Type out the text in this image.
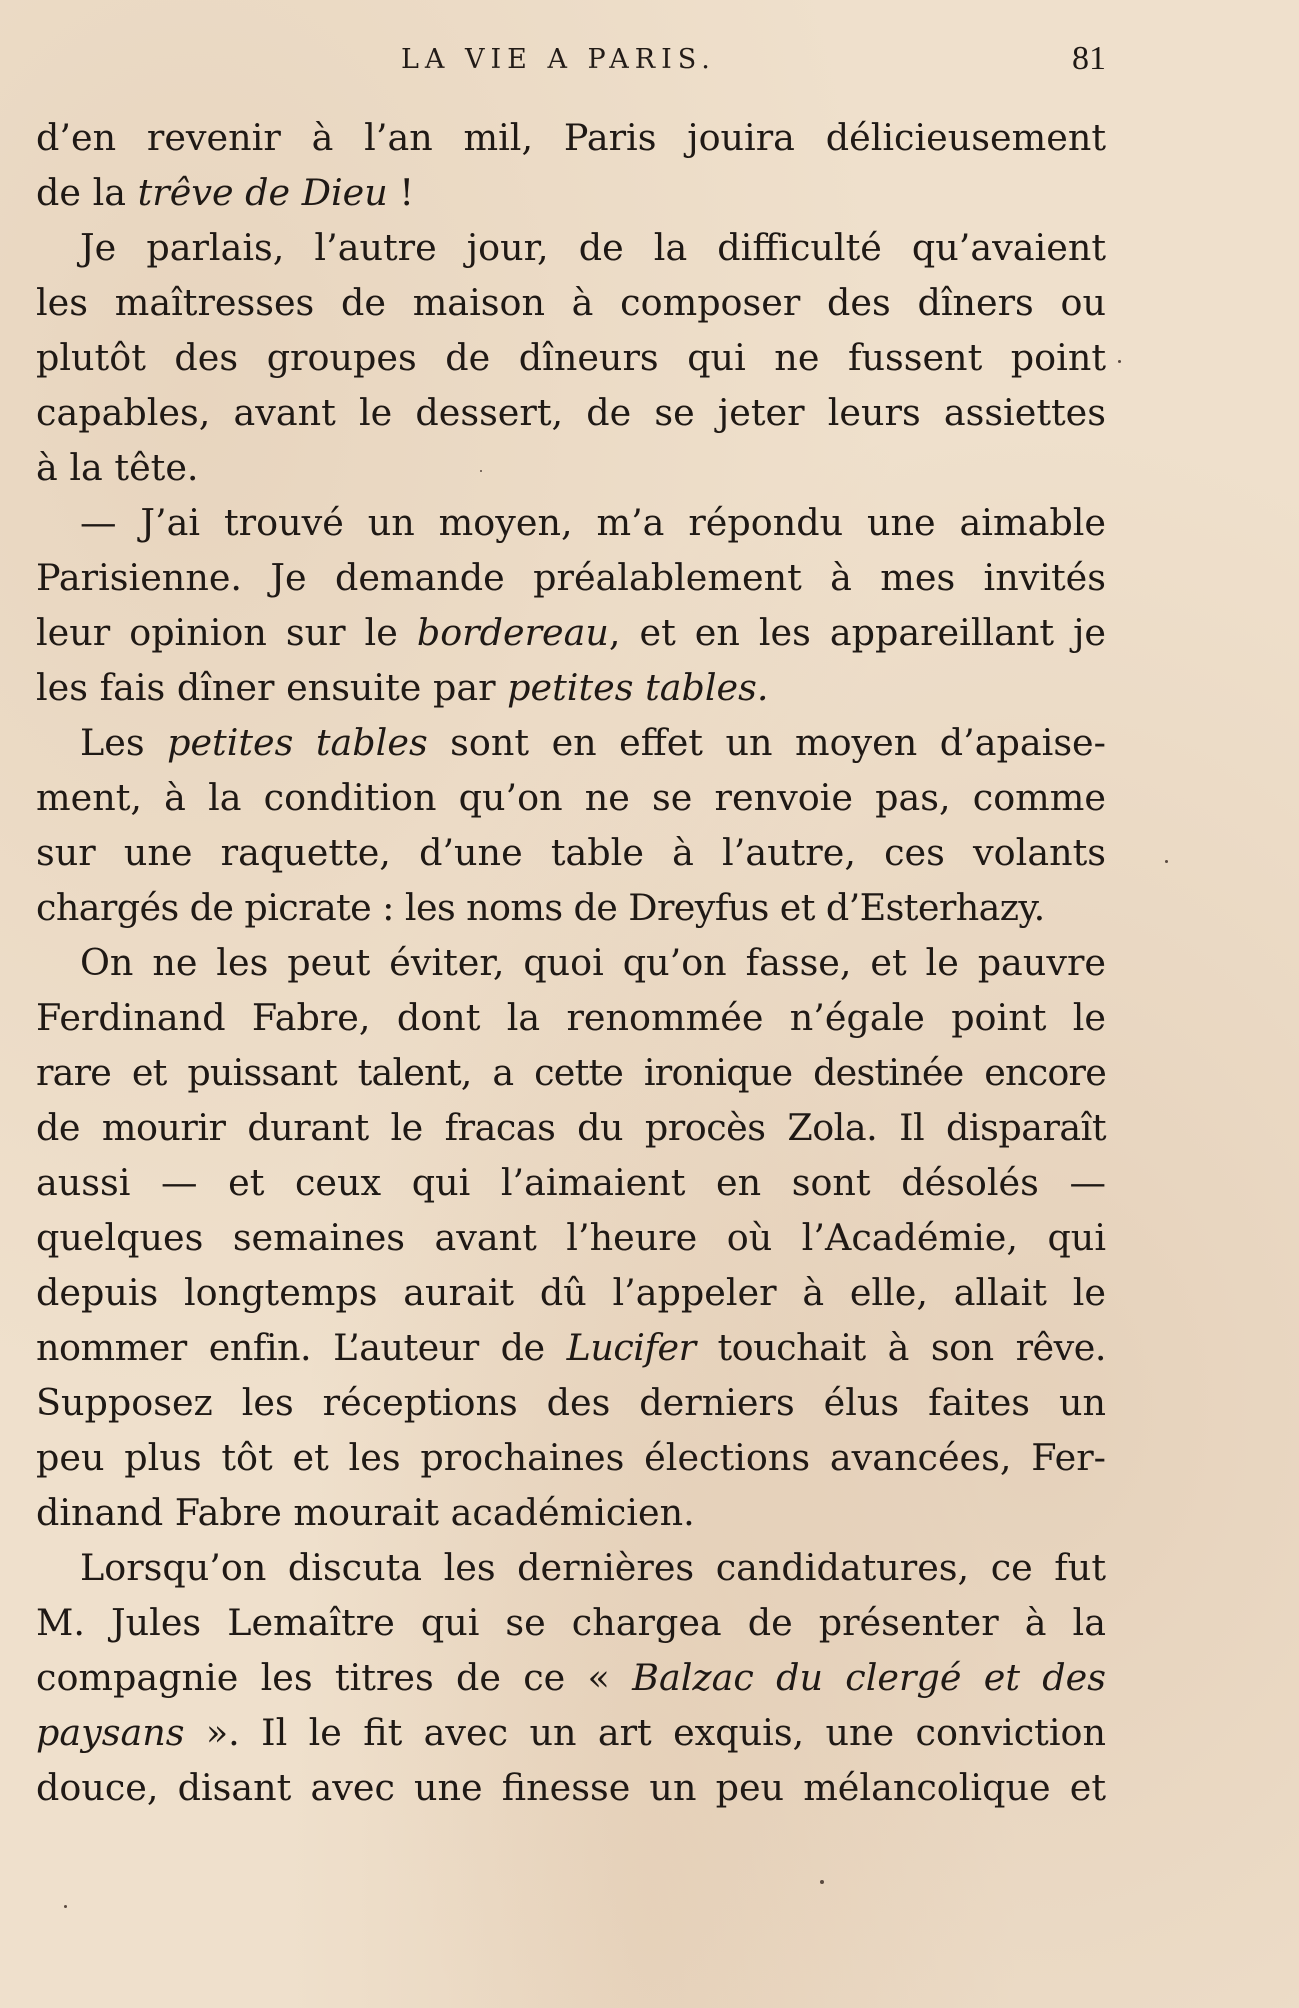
LA VIE A PARIS.	81
d’en revenir à l’an mil, Paris jouira délicieusement
de la trêve de Dieu !
Je parlais, l’autre jour, de la difficulté qu’avaient
les maîtresses de maison à composer des dîners ou
plutôt des groupes de dîneurs qui ne fussent point
capables, avant le dessert, de se jeter leurs assiettes
à la tête.
— J’ai trouvé un moyen, m’a répondu une aimable
Parisienne. Je demande préalablement à mes invités
leur opinion sur le bordereau, et en les appareillant je
les fais dîner ensuite par petites tables.
Les petites tables sont en effet un moyen d’apaise-
ment, à la condition qu’on ne se renvoie pas, comme
sur une raquette, d’une table à l’autre, ces volants
chargés de picrate : les noms de Dreyfus et d’Esterhazy.
On ne les peut éviter, quoi qu’on fasse, et le pauvre
Ferdinand Fabre, dont la renommée n’égale point le
rare et puissant talent, a cette ironique destinée encore
de mourir durant le fracas du procès Zola. Il disparaît
aussi — et ceux qui l’aimaient en sont désolés —
quelques semaines avant l’heure où l’Académie, qui
depuis longtemps aurait dû l’appeler à elle, allait le
nommer enfin. L’auteur de Lucifer touchait à son rêve.
Supposez les réceptions des derniers élus faites un
peu plus tôt et les prochaines élections avancées, Fer-
dinand Fabre mourait académicien.
Lorsqu’on discuta les dernières candidatures, ce fut
M. Jules Lemaître qui se chargea de présenter à la
compagnie les titres de ce « Balzac du clergé et des
paysans ». Il le fit avec un art exquis, une conviction
douce, disant avec une finesse un peu mélancolique et
